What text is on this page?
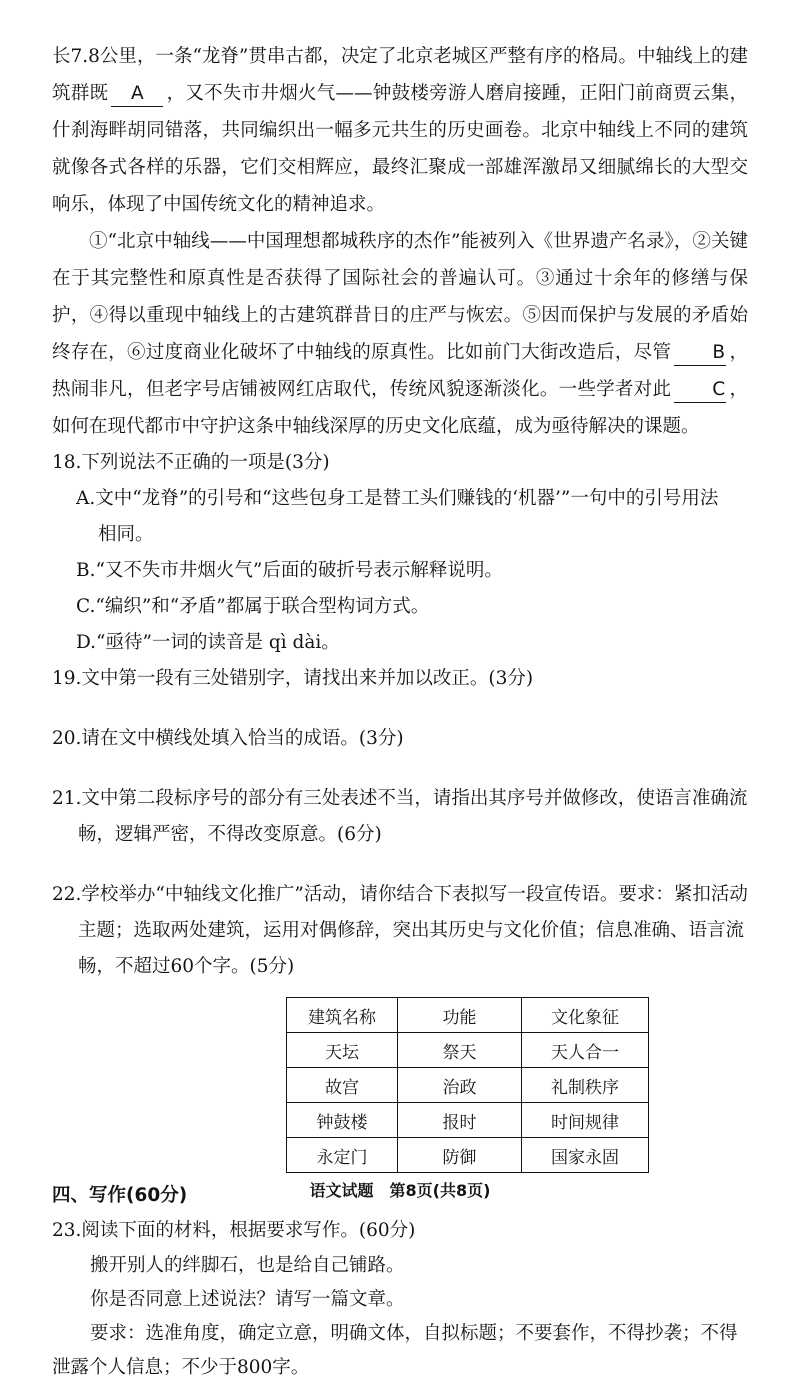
长7.8公里，一条“龙脊”贯串古都，决定了北京老城区严整有序的格局。中轴线上的建筑群既 A ，又不失市井烟火气——钟鼓楼旁游人磨肩接踵，正阳门前商贾云集，什刹海畔胡同错落，共同编织出一幅多元共生的历史画卷。北京中轴线上不同的建筑就像各式各样的乐器，它们交相辉应，最终汇聚成一部雄浑激昂又细腻绵长的大型交响乐，体现了中国传统文化的精神追求。

①“北京中轴线——中国理想都城秩序的杰作”能被列入《世界遗产名录》，②关键在于其完整性和原真性是否获得了国际社会的普遍认可。③通过十余年的修缮与保护，④得以重现中轴线上的古建筑群昔日的庄严与恢宏。⑤因而保护与发展的矛盾始终存在，⑥过度商业化破坏了中轴线的原真性。比如前门大街改造后，尽管 B ，热闹非凡，但老字号店铺被网红店取代，传统风貌逐渐淡化。一些学者对此 C ，如何在现代都市中守护这条中轴线深厚的历史文化底蕴，成为亟待解决的课题。

18.下列说法不正确的一项是(3分)

A.文中“龙脊”的引号和“这些包身工是替工头们赚钱的‘机器’”一句中的引号用法

相同。

B.“又不失市井烟火气”后面的破折号表示解释说明。

C.“编织”和“矛盾”都属于联合型构词方式。

D.“亟待”一词的读音是 qì dài。

19.文中第一段有三处错别字，请找出来并加以改正。(3分)

20.请在文中横线处填入恰当的成语。(3分)

21.文中第二段标序号的部分有三处表述不当，请指出其序号并做修改，使语言准确流畅，逻辑严密，不得改变原意。(6分)

22.学校举办“中轴线文化推广”活动，请你结合下表拟写一段宣传语。要求：紧扣活动主题；选取两处建筑，运用对偶修辞，突出其历史与文化价值；信息准确、语言流畅，不超过60个字。(5分)

建筑名称	功能	文化象征
天坛	祭天	天人合一
故宫	治政	礼制秩序
钟鼓楼	报时	时间规律
永定门	防御	国家永固

四、写作(60分)

23.阅读下面的材料，根据要求写作。(60分)

搬开别人的绊脚石，也是给自己铺路。

你是否同意上述说法？请写一篇文章。

要求：选准角度，确定立意，明确文体，自拟标题；不要套作，不得抄袭；不得泄露个人信息；不少于800字。

语文试题　第8页(共8页)
